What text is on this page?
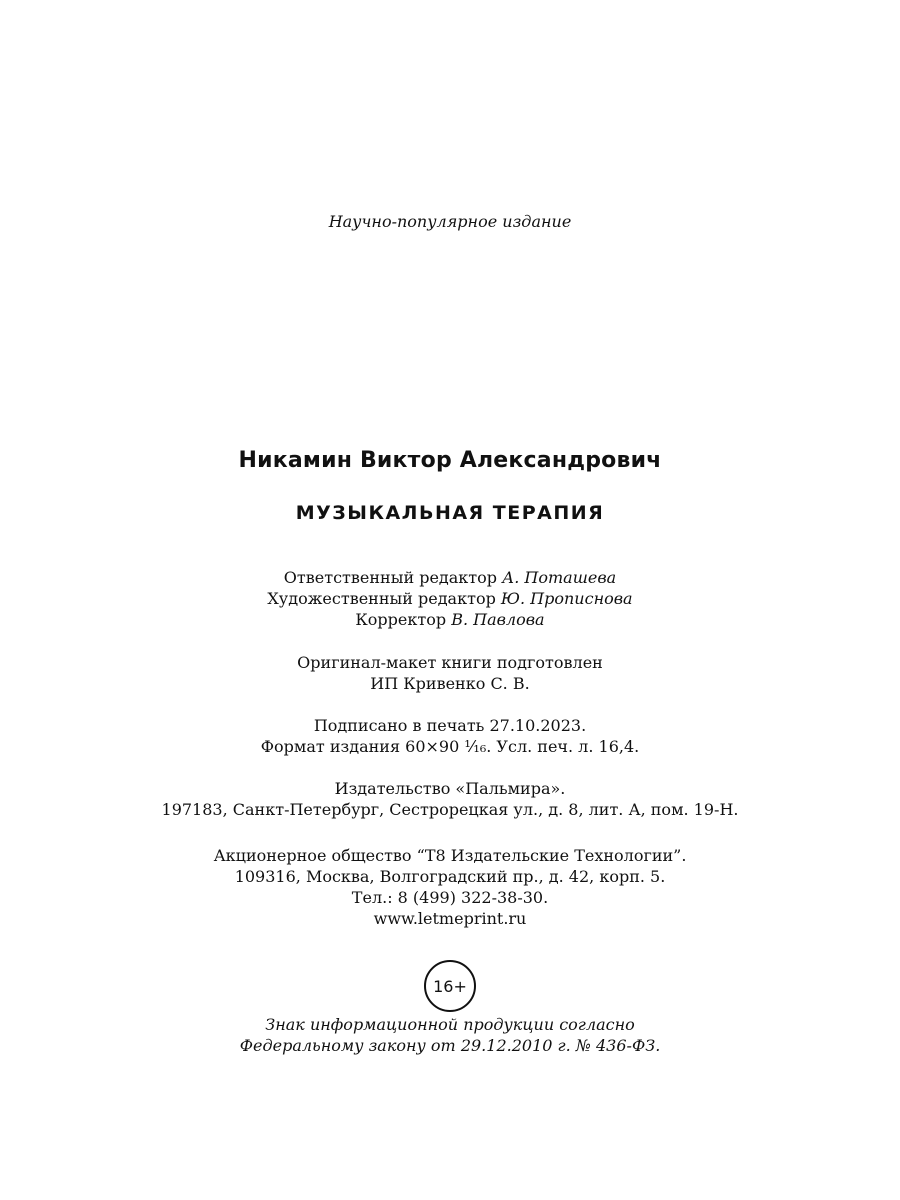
Научно-популярное издание
Никамин Виктор Александрович
МУЗЫКАЛЬНАЯ ТЕРАПИЯ
Ответственный редактор А. Поташева
Художественный редактор Ю. Прописнова
Корректор В. Павлова
Оригинал-макет книги подготовлен
ИП Кривенко С. В.
Подписано в печать 27.10.2023.
Формат издания 60×90 ¹⁄₁₆. Усл. печ. л. 16,4.
Издательство «Пальмира».
197183, Санкт-Петербург, Сестрорецкая ул., д. 8, лит. А, пом. 19-Н.
Акционерное общество “Т8 Издательские Технологии”.
109316, Москва, Волгоградский пр., д. 42, корп. 5.
Тел.: 8 (499) 322-38-30.
www.letmeprint.ru
16+
Знак информационной продукции согласно
Федеральному закону от 29.12.2010 г. № 436-ФЗ.
